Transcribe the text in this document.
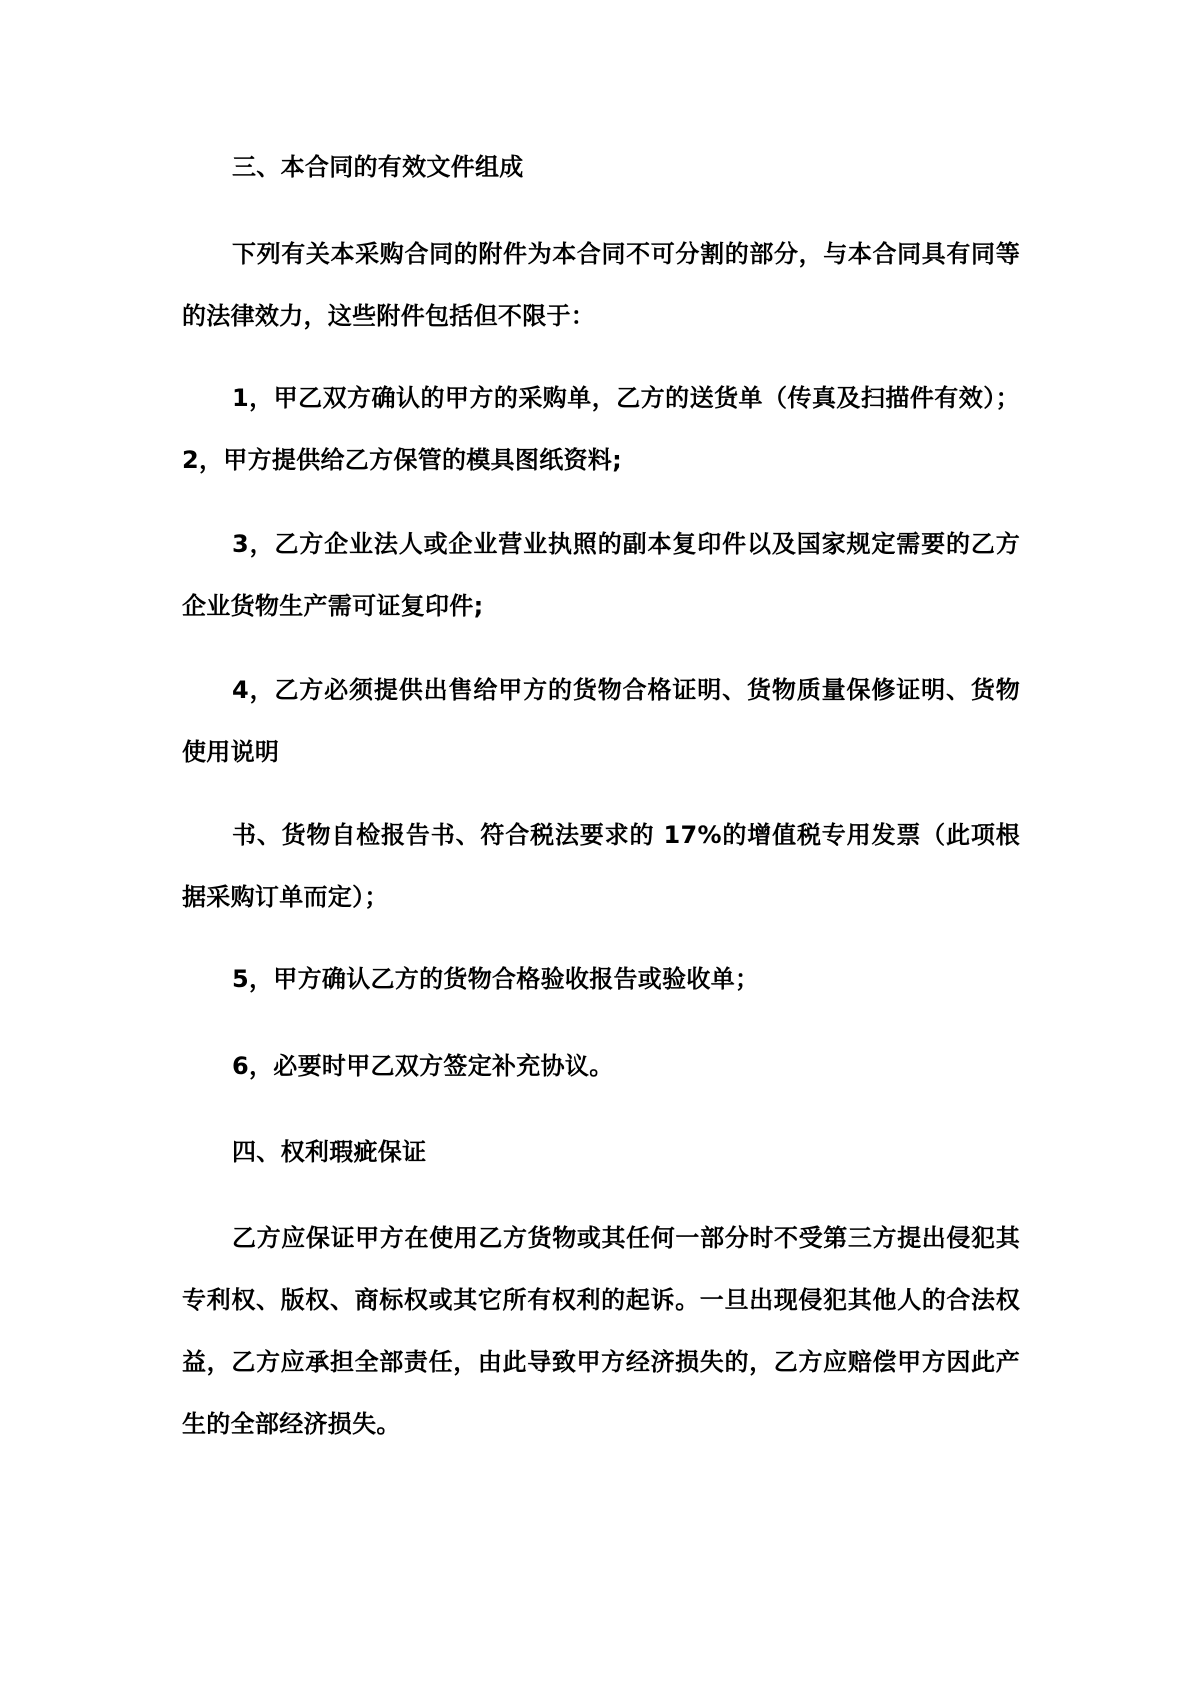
三、本合同的有效文件组成

下列有关本采购合同的附件为本合同不可分割的部分，与本合同具有同等的法律效力，这些附件包括但不限于：

1，甲乙双方确认的甲方的采购单，乙方的送货单（传真及扫描件有效）； 2，甲方提供给乙方保管的模具图纸资料;

3，乙方企业法人或企业营业执照的副本复印件以及国家规定需要的乙方企业货物生产需可证复印件;

4，乙方必须提供出售给甲方的货物合格证明、货物质量保修证明、货物使用说明

书、货物自检报告书、符合税法要求的 17%的增值税专用发票（此项根据采购订单而定）；

5，甲方确认乙方的货物合格验收报告或验收单；

6，必要时甲乙双方签定补充协议。

四、权利瑕疵保证

乙方应保证甲方在使用乙方货物或其任何一部分时不受第三方提出侵犯其专利权、版权、商标权或其它所有权利的起诉。一旦出现侵犯其他人的合法权益，乙方应承担全部责任，由此导致甲方经济损失的，乙方应赔偿甲方因此产生的全部经济损失。
